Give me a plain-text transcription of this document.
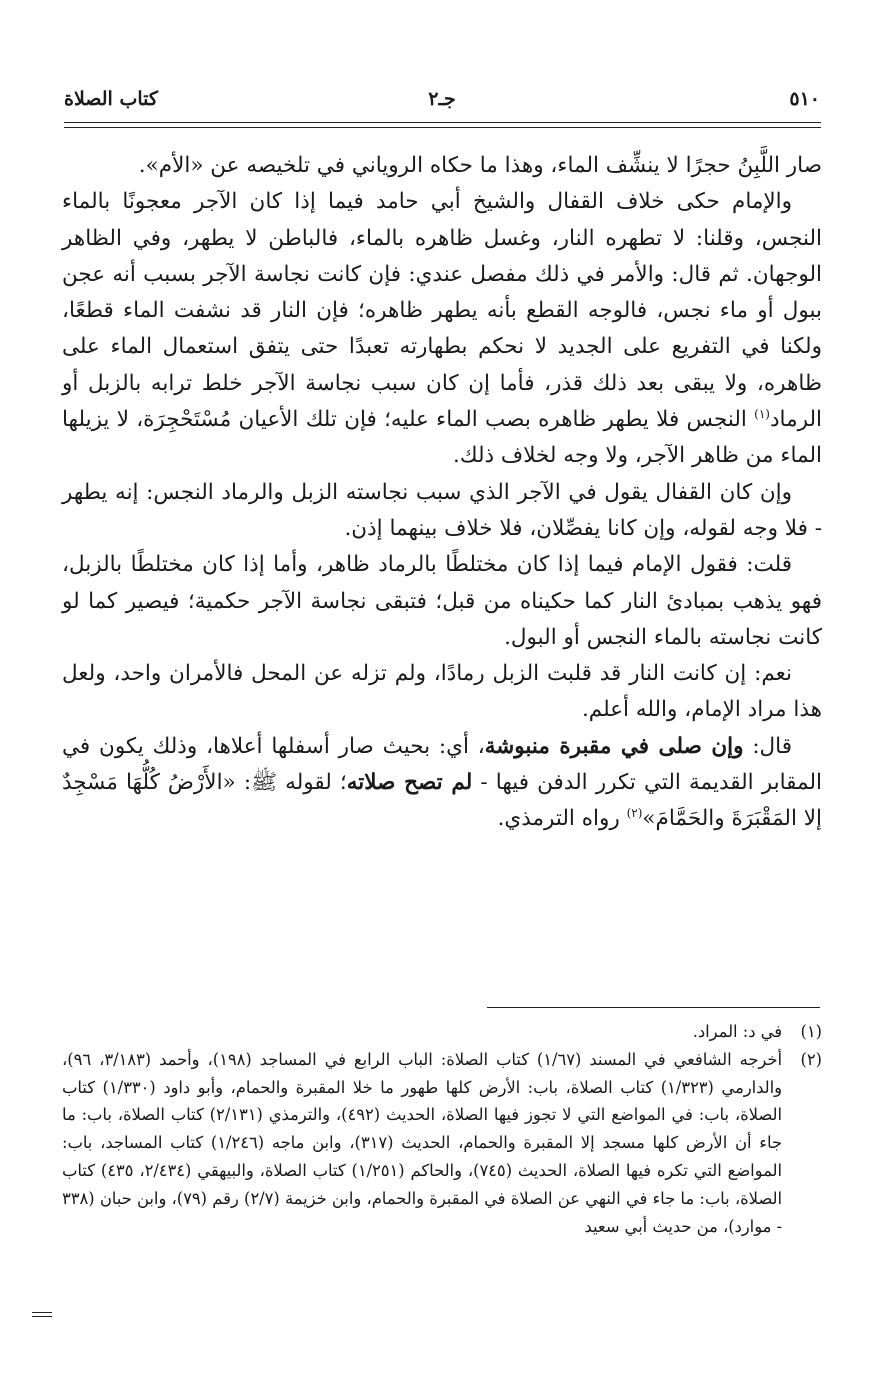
٥١٠
جـ٢
كتاب الصلاة

صار اللَّبِنُ حجرًا لا ينشِّف الماء، وهذا ما حكاه الروياني في تلخيصه عن «الأم».

والإمام حكى خلاف القفال والشيخ أبي حامد فيما إذا كان الآجر معجونًا بالماء النجس، وقلنا: لا تطهره النار، وغسل ظاهره بالماء، فالباطن لا يطهر، وفي الظاهر الوجهان. ثم قال: والأمر في ذلك مفصل عندي: فإن كانت نجاسة الآجر بسبب أنه عجن ببول أو ماء نجس، فالوجه القطع بأنه يطهر ظاهره؛ فإن النار قد نشفت الماء قطعًا، ولكنا في التفريع على الجديد لا نحكم بطهارته تعبدًا حتى يتفق استعمال الماء على ظاهره، ولا يبقى بعد ذلك قذر، فأما إن كان سبب نجاسة الآجر خلط ترابه بالزبل أو الرماد$^{(١)}$ النجس فلا يطهر ظاهره بصب الماء عليه؛ فإن تلك الأعيان مُسْتَحْجِرَة، لا يزيلها الماء من ظاهر الآجر، ولا وجه لخلاف ذلك.

وإن كان القفال يقول في الآجر الذي سبب نجاسته الزبل والرماد النجس: إنه يطهر - فلا وجه لقوله، وإن كانا يفصِّلان، فلا خلاف بينهما إذن.

قلت: فقول الإمام فيما إذا كان مختلطًا بالرماد ظاهر، وأما إذا كان مختلطًا بالزبل، فهو يذهب بمبادئ النار كما حكيناه من قبل؛ فتبقى نجاسة الآجر حكمية؛ فيصير كما لو كانت نجاسته بالماء النجس أو البول.

نعم: إن كانت النار قد قلبت الزبل رمادًا، ولم تزله عن المحل فالأمران واحد، ولعل هذا مراد الإمام، والله أعلم.

قال: وإن صلى في مقبرة منبوشة، أي: بحيث صار أسفلها أعلاها، وذلك يكون في المقابر القديمة التي تكرر الدفن فيها - لم تصح صلاته؛ لقوله ﷺ: «الأَرْضُ كُلُّهَا مَسْجِدٌ إلا المَقْبَرَةَ والحَمَّامَ»$^{(٢)}$ رواه الترمذي.

(١)
في د: المراد.
(٢)
أخرجه الشافعي في المسند (١/٦٧) كتاب الصلاة: الباب الرابع في المساجد (١٩٨)، وأحمد (٣/١٨٣، ٩٦)، والدارمي (١/٣٢٣) كتاب الصلاة، باب: الأرض كلها طهور ما خلا المقبرة والحمام، وأبو داود (١/٣٣٠) كتاب الصلاة، باب: في المواضع التي لا تجوز فيها الصلاة، الحديث (٤٩٢)، والترمذي (٢/١٣١) كتاب الصلاة، باب: ما جاء أن الأرض كلها مسجد إلا المقبرة والحمام، الحديث (٣١٧)، وابن ماجه (١/٢٤٦) كتاب المساجد، باب: المواضع التي تكره فيها الصلاة، الحديث (٧٤٥)، والحاكم (١/٢٥١) كتاب الصلاة، والبيهقي (٢/٤٣٤، ٤٣٥) كتاب الصلاة، باب: ما جاء في النهي عن الصلاة في المقبرة والحمام، وابن خزيمة (٢/٧) رقم (٧٩)، وابن حبان (٣٣٨ - موارد)، من حديث أبي سعيد
